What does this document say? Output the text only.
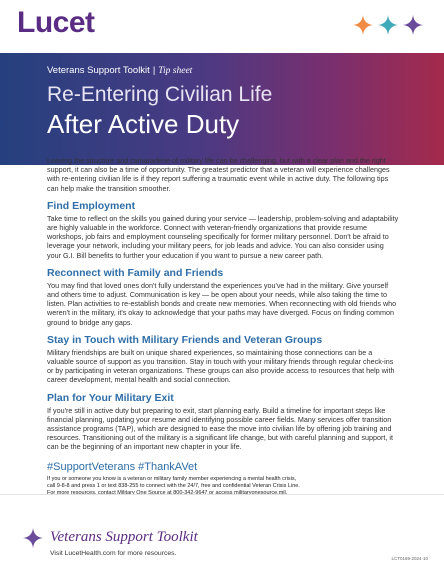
Lucet
Veterans Support Toolkit | Tip sheet
Re-Entering Civilian Life
After Active Duty

Leaving the structure and camaraderie of military life can be challenging, but with a clear plan and the right support, it can also be a time of opportunity. The greatest predictor that a veteran will experience challenges with re-entering civilian life is if they report suffering a traumatic event while in active duty. The following tips can help make the transition smoother.

Find Employment

Take time to reflect on the skills you gained during your service — leadership, problem-solving and adaptability are highly valuable in the workforce. Connect with veteran-friendly organizations that provide resume workshops, job fairs and employment counseling specifically for former military personnel. Don't be afraid to leverage your network, including your military peers, for job leads and advice. You can also consider using your G.I. Bill benefits to further your education if you want to pursue a new career path.

Reconnect with Family and Friends

You may find that loved ones don't fully understand the experiences you've had in the military. Give yourself and others time to adjust. Communication is key — be open about your needs, while also taking the time to listen. Plan activities to re-establish bonds and create new memories. When reconnecting with old friends who weren't in the military, it's okay to acknowledge that your paths may have diverged. Focus on finding common ground to bridge any gaps.

Stay in Touch with Military Friends and Veteran Groups

Military friendships are built on unique shared experiences, so maintaining those connections can be a valuable source of support as you transition. Stay in touch with your military friends through regular check-ins or by participating in veteran organizations. These groups can also provide access to resources that help with career development, mental health and social connection.

Plan for Your Military Exit

If you're still in active duty but preparing to exit, start planning early. Build a timeline for important steps like financial planning, updating your resume and identifying possible career fields. Many services offer transition assistance programs (TAP), which are designed to ease the move into civilian life by offering job training and resources. Transitioning out of the military is a significant life change, but with careful planning and support, it can be the beginning of an important new chapter in your life.

#SupportVeterans #ThankAVet
If you or someone you know is a veteran or military family member experiencing a mental health crisis,
call 9-8-8 and press 1 or text 838-255 to connect with the 24/7, free and confidential Veteran Crisis Line.
For more resources, contact Military One Source at 800-342-9647 or access militaryonesource.mil.
Veterans Support Toolkit
Visit LucetHealth.com for more resources.
LCT0169-2024-10
